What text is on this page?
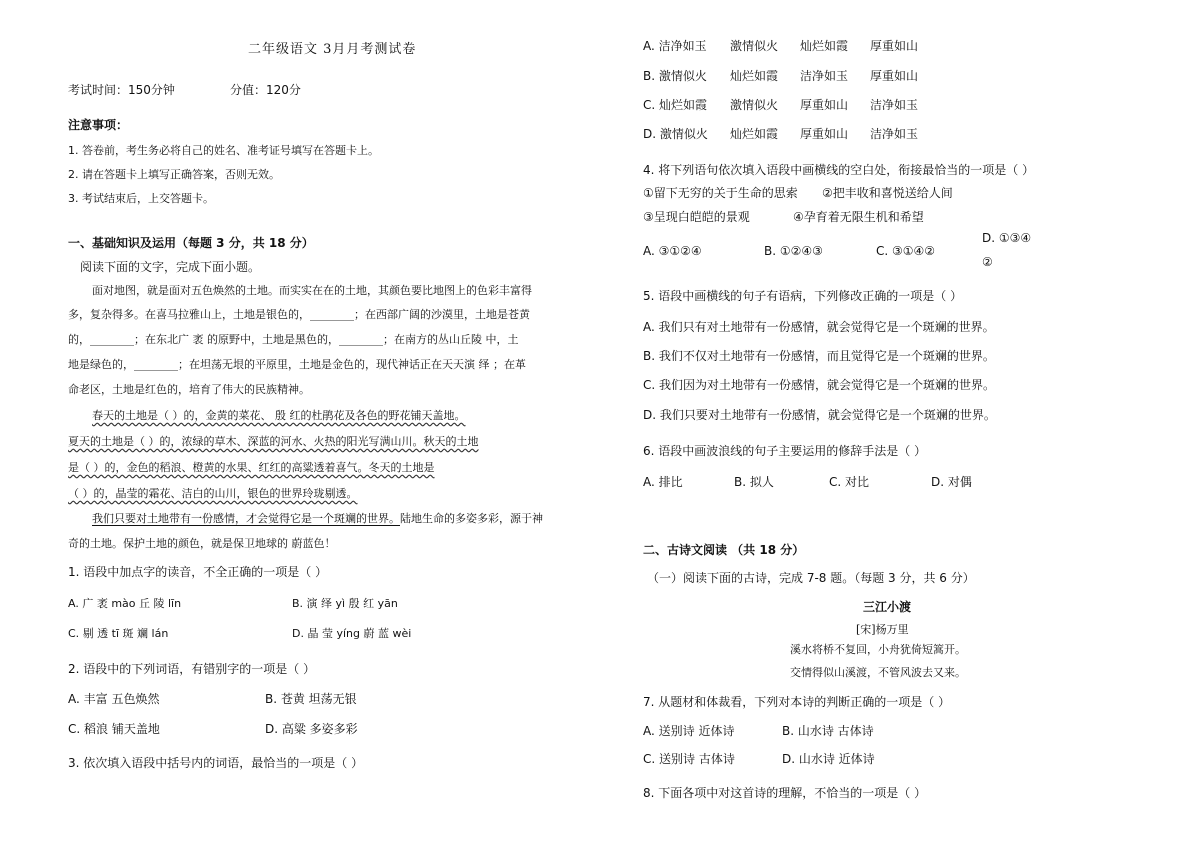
二年级语文 3月月考测试卷
考试时间：150分钟	分值：120分
注意事项：
1. 答卷前，考生务必将自己的姓名、准考证号填写在答题卡上。
2. 请在答题卡上填写正确答案，否则无效。
3. 考试结束后，上交答题卡。
一、基础知识及运用（每题 3 分，共 18 分）
阅读下面的文字，完成下面小题。
面对地图，就是面对五色焕然的土地。而实实在在的土地，其颜色要比地图上的色彩丰富得
多，复杂得多。在喜马拉雅山上，土地是银色的，________；在西部广阔的沙漠里，土地是苍黄
的，________；在东北广 袤 的原野中，土地是黑色的，________；在南方的丛山丘陵 中，土
地是绿色的，________；在坦荡无垠的平原里，土地是金色的，现代神话正在天天演 绎 ；在革
命老区，土地是红色的，培育了伟大的民族精神。
春天的土地是（ ）的，金黄的菜花、 殷 红的杜鹃花及各色的野花铺天盖地。
夏天的土地是（ ）的，浓绿的草木、深蓝的河水、火热的阳光写满山川。秋天的土地
是（ ）的，金色的稻浪、橙黄的水果、红红的高粱透着喜气。冬天的土地是
（ ）的，晶莹的霜花、洁白的山川，银色的世界玲珑剔透。
我们只要对土地带有一份感情，才会觉得它是一个斑斓的世界。陆地生命的多姿多彩，源于神
奇的土地。保护土地的颜色，就是保卫地球的 蔚蓝色！
1. 语段中加点字的读音，不全正确的一项是（ ）
A. 广 袤 mào 丘 陵 līn	B. 演 绎 yì 殷 红 yān
C. 剔 透 tī 斑 斓 lán	D. 晶 莹 yíng 蔚 蓝 wèi
2. 语段中的下列词语，有错别字的一项是（ ）
A. 丰富 五色焕然	B. 苍黄 坦荡无银
C. 稻浪 铺天盖地	D. 高粱 多姿多彩
3. 依次填入语段中括号内的词语，最恰当的一项是（ ）
A. 洁净如玉 激情似火 灿烂如霞 厚重如山
B. 激情似火 灿烂如霞 洁净如玉 厚重如山
C. 灿烂如霞 激情似火 厚重如山 洁净如玉
D. 激情似火 灿烂如霞 厚重如山 洁净如玉
4. 将下列语句依次填入语段中画横线的空白处，衔接最恰当的一项是（ ）
①留下无穷的关于生命的思索 ②把丰收和喜悦送给人间
③呈现白皑皑的景观	④孕育着无限生机和希望
A. ③①②④	B. ①②④③	C. ③①④②
D. ①③④
②
5. 语段中画横线的句子有语病，下列修改正确的一项是（ ）
A. 我们只有对土地带有一份感情，就会觉得它是一个斑斓的世界。
B. 我们不仅对土地带有一份感情，而且觉得它是一个斑斓的世界。
C. 我们因为对土地带有一份感情，就会觉得它是一个斑斓的世界。
D. 我们只要对土地带有一份感情，就会觉得它是一个斑斓的世界。
6. 语段中画波浪线的句子主要运用的修辞手法是（ ）
A. 排比	B. 拟人	C. 对比	D. 对偶
二、古诗文阅读 （共 18 分）
（一）阅读下面的古诗，完成 7-8 题。（每题 3 分，共 6 分）
三江小渡
[宋]杨万里
溪水将桥不复回，小舟犹倚短篙开。
交情得似山溪渡，不管风波去又来。
7. 从题材和体裁看，下列对本诗的判断正确的一项是（ ）
A. 送别诗 近体诗	B. 山水诗 古体诗
C. 送别诗 古体诗	D. 山水诗 近体诗
8. 下面各项中对这首诗的理解，不恰当的一项是（ ）
